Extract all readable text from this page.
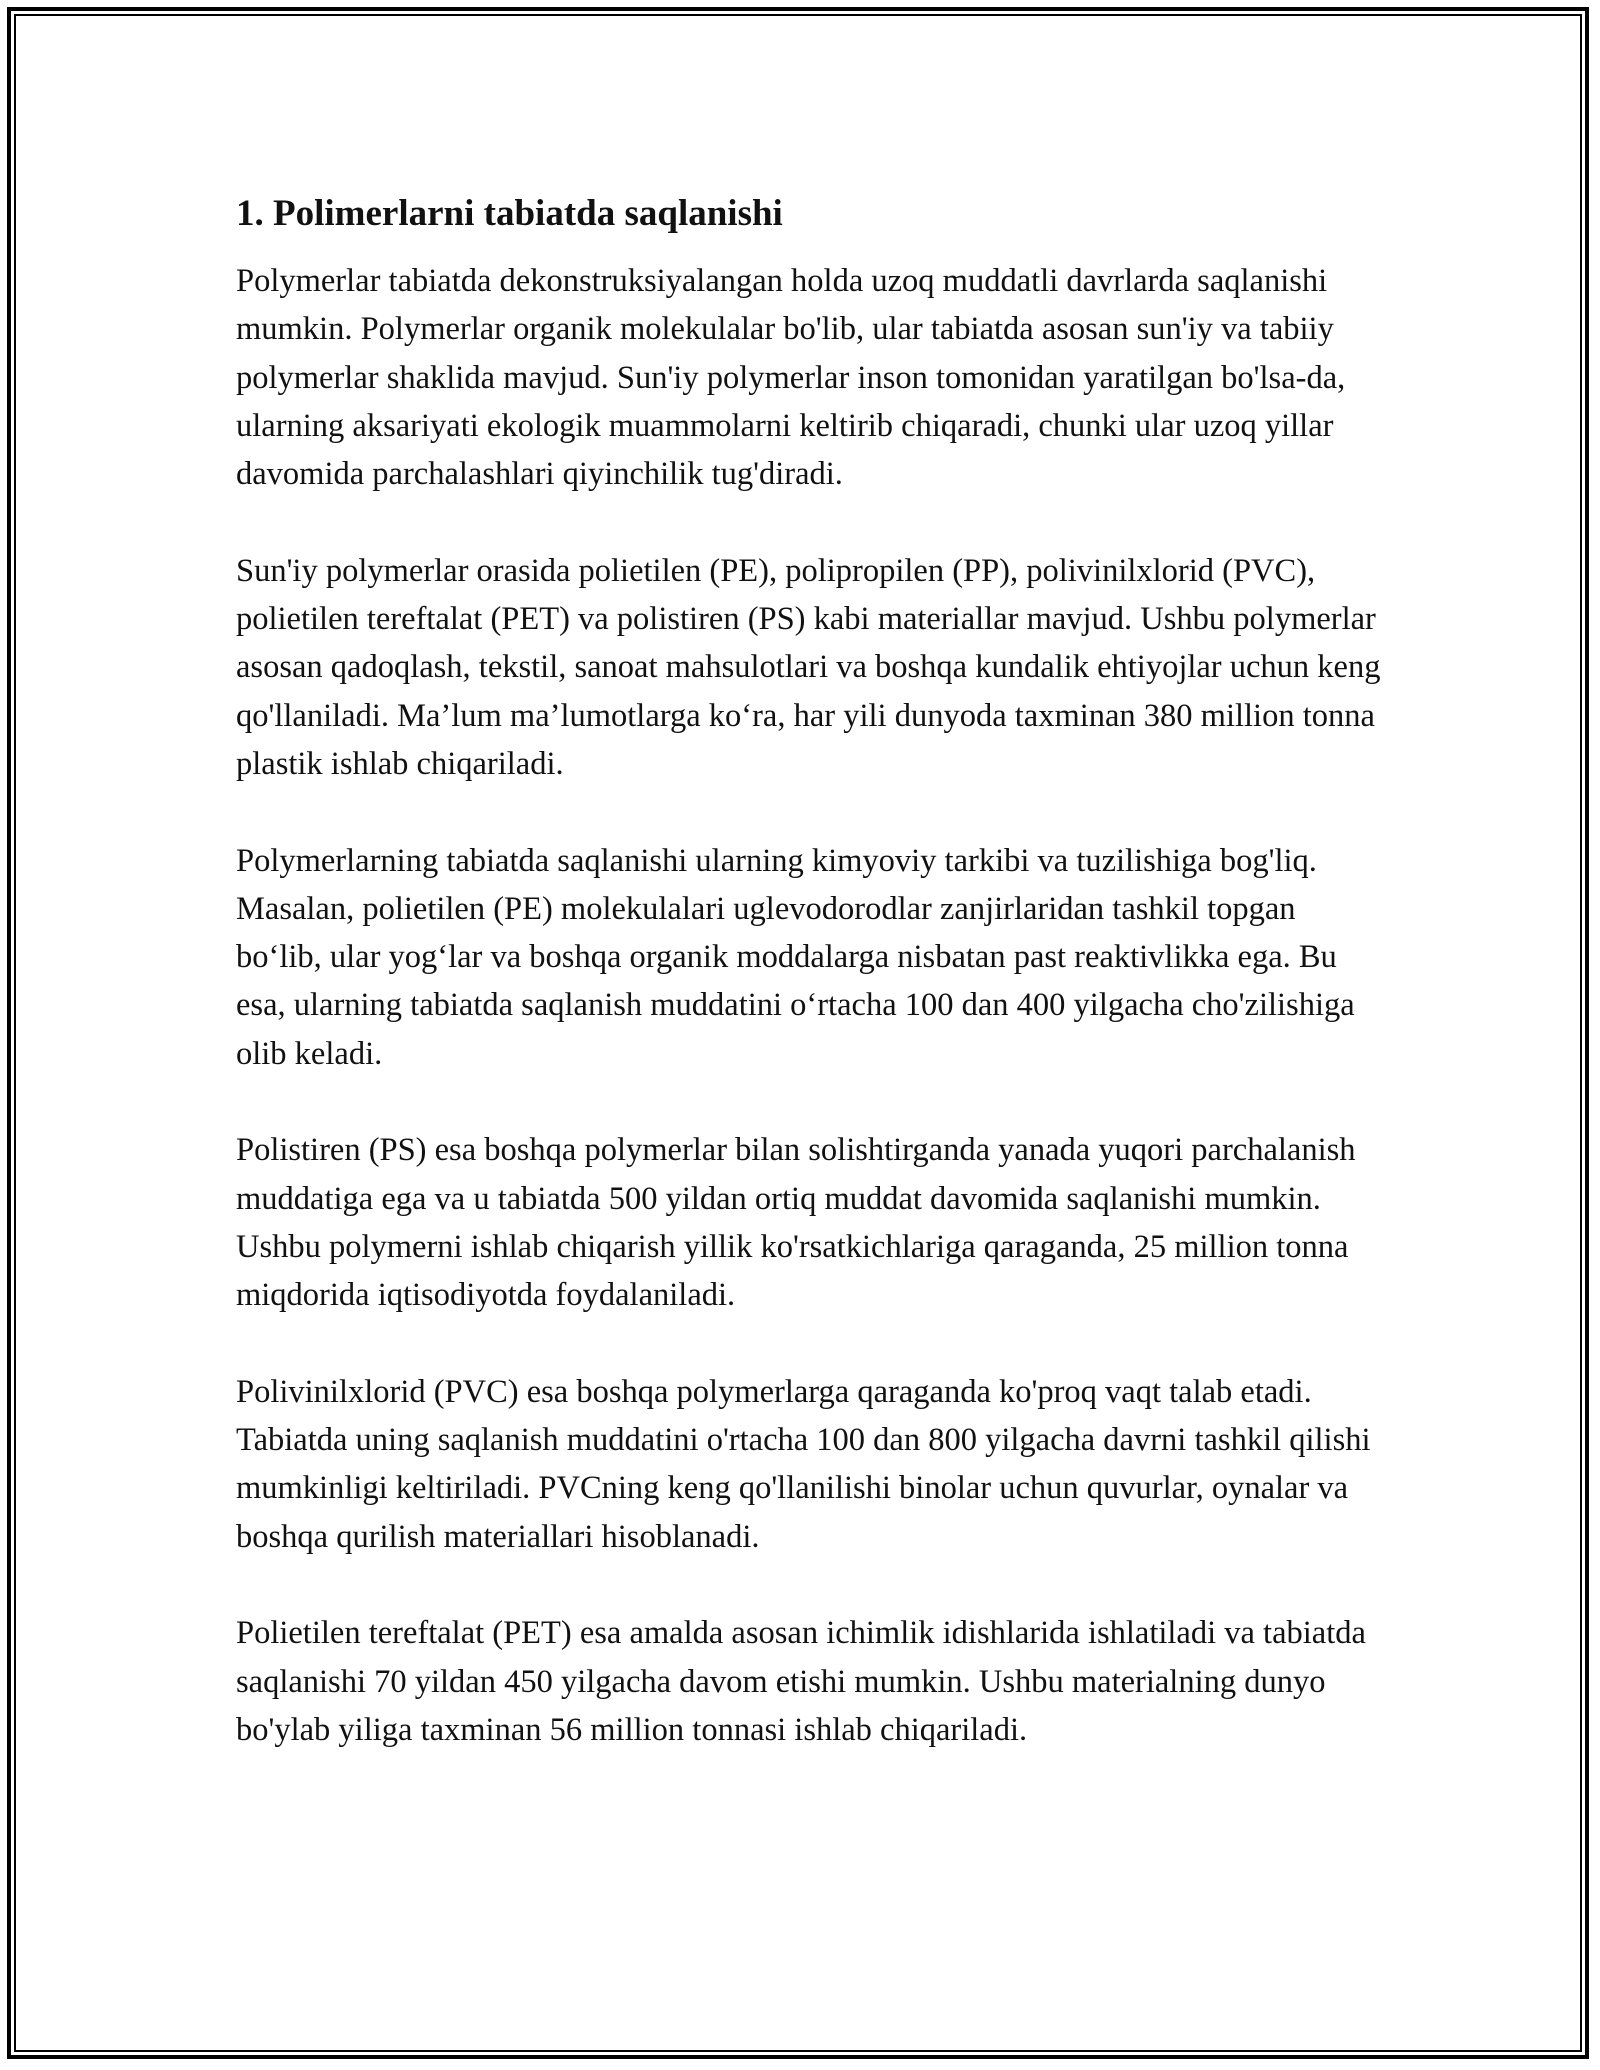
1. Polimerlarni tabiatda saqlanishi

Polymerlar tabiatda dekonstruksiyalangan holda uzoq muddatli davrlarda saqlanishi mumkin. Polymerlar organik molekulalar bo'lib, ular tabiatda asosan sun'iy va tabiiy polymerlar shaklida mavjud. Sun'iy polymerlar inson tomonidan yaratilgan bo'lsa-da, ularning aksariyati ekologik muammolarni keltirib chiqaradi, chunki ular uzoq yillar davomida parchalashlari qiyinchilik tug'diradi.

Sun'iy polymerlar orasida polietilen (PE), polipropilen (PP), polivinilxlorid (PVC), polietilen tereftalat (PET) va polistiren (PS) kabi materiallar mavjud. Ushbu polymerlar asosan qadoqlash, tekstil, sanoat mahsulotlari va boshqa kundalik ehtiyojlar uchun keng qo'llaniladi. Ma’lum ma’lumotlarga ko‘ra, har yili dunyoda taxminan 380 million tonna plastik ishlab chiqariladi.

Polymerlarning tabiatda saqlanishi ularning kimyoviy tarkibi va tuzilishiga bog'liq. Masalan, polietilen (PE) molekulalari uglevodorodlar zanjirlaridan tashkil topgan bo‘lib, ular yog‘lar va boshqa organik moddalarga nisbatan past reaktivlikka ega. Bu esa, ularning tabiatda saqlanish muddatini o‘rtacha 100 dan 400 yilgacha cho'zilishiga olib keladi.

Polistiren (PS) esa boshqa polymerlar bilan solishtirganda yanada yuqori parchalanish muddatiga ega va u tabiatda 500 yildan ortiq muddat davomida saqlanishi mumkin. Ushbu polymerni ishlab chiqarish yillik ko'rsatkichlariga qaraganda, 25 million tonna miqdorida iqtisodiyotda foydalaniladi.

Polivinilxlorid (PVC) esa boshqa polymerlarga qaraganda ko'proq vaqt talab etadi. Tabiatda uning saqlanish muddatini o'rtacha 100 dan 800 yilgacha davrni tashkil qilishi mumkinligi keltiriladi. PVCning keng qo'llanilishi binolar uchun quvurlar, oynalar va boshqa qurilish materiallari hisoblanadi.

Polietilen tereftalat (PET) esa amalda asosan ichimlik idishlarida ishlatiladi va tabiatda saqlanishi 70 yildan 450 yilgacha davom etishi mumkin. Ushbu materialning dunyo bo'ylab yiliga taxminan 56 million tonnasi ishlab chiqariladi.
